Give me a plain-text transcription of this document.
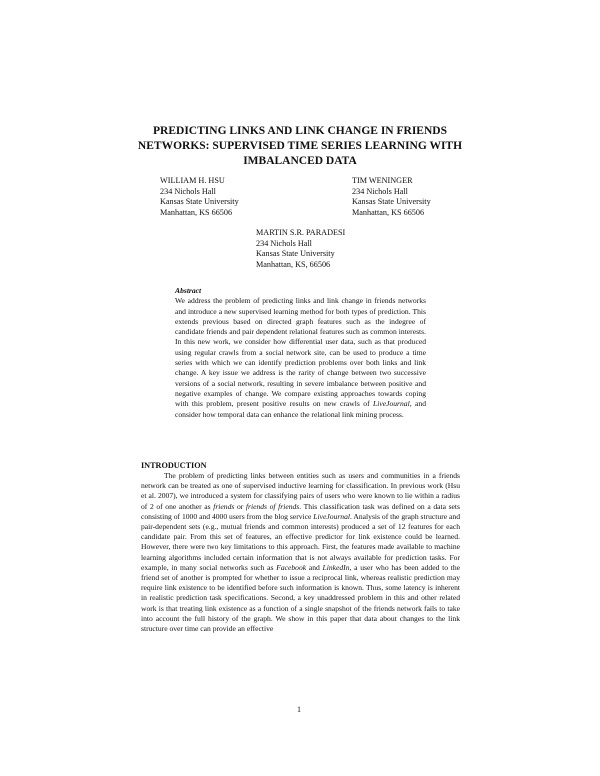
PREDICTING LINKS AND LINK CHANGE IN FRIENDS NETWORKS: SUPERVISED TIME SERIES LEARNING WITH IMBALANCED DATA
WILLIAM H. HSU
234 Nichols Hall
Kansas State University
Manhattan, KS 66506
TIM WENINGER
234 Nichols Hall
Kansas State University
Manhattan, KS 66506
MARTIN S.R. PARADESI
234 Nichols Hall
Kansas State University
Manhattan, KS, 66506
Abstract
We address the problem of predicting links and link change in friends networks and introduce a new supervised learning method for both types of prediction. This extends previous based on directed graph features such as the indegree of candidate friends and pair dependent relational features such as common interests. In this new work, we consider how differential user data, such as that produced using regular crawls from a social network site, can be used to produce a time series with which we can identify prediction problems over both links and link change. A key issue we address is the rarity of change between two successive versions of a social network, resulting in severe imbalance between positive and negative examples of change. We compare existing approaches towards coping with this problem, present positive results on new crawls of LiveJournal, and consider how temporal data can enhance the relational link mining process.
INTRODUCTION
The problem of predicting links between entities such as users and communities in a friends network can be treated as one of supervised inductive learning for classification. In previous work (Hsu et al. 2007), we introduced a system for classifying pairs of users who were known to lie within a radius of 2 of one another as friends or friends of friends. This classification task was defined on a data sets consisting of 1000 and 4000 users from the blog service LiveJournal. Analysis of the graph structure and pair-dependent sets (e.g., mutual friends and common interests) produced a set of 12 features for each candidate pair. From this set of features, an effective predictor for link existence could be learned. However, there were two key limitations to this approach. First, the features made available to machine learning algorithms included certain information that is not always available for prediction tasks. For example, in many social networks such as Facebook and LinkedIn, a user who has been added to the friend set of another is prompted for whether to issue a reciprocal link, whereas realistic prediction may require link existence to be identified before such information is known. Thus, some latency is inherent in realistic prediction task specifications. Second, a key unaddressed problem in this and other related work is that treating link existence as a function of a single snapshot of the friends network fails to take into account the full history of the graph. We show in this paper that data about changes to the link structure over time can provide an effective
1
